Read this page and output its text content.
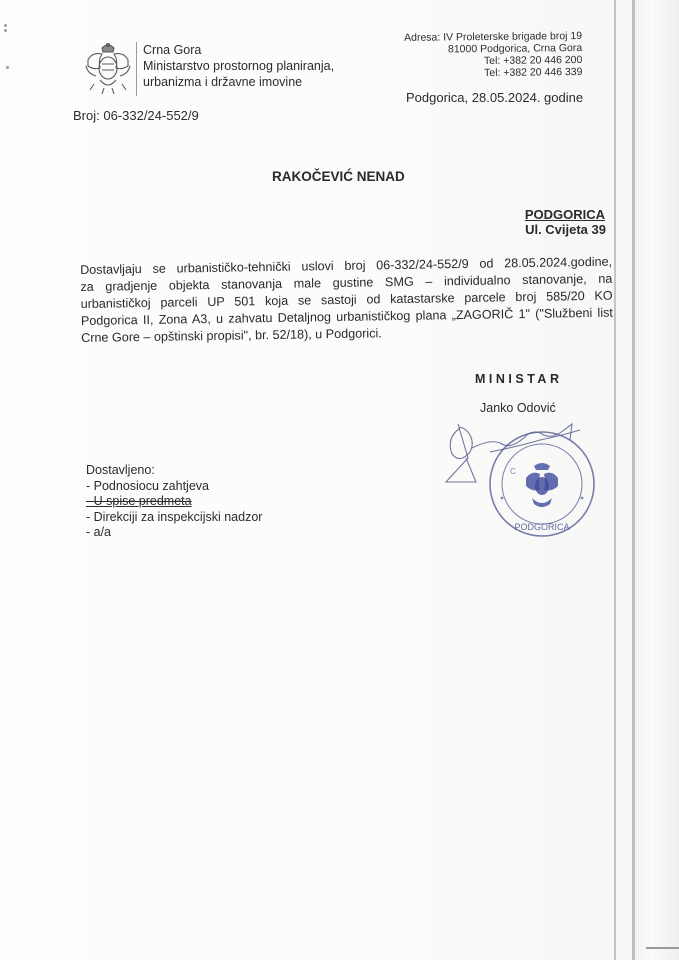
Crna Gora
Ministarstvo prostornog planiranja,
urbanizma i državne imovine
Broj: 06-332/24-552/9
Adresa: IV Proleterske brigade broj 19
81000 Podgorica, Crna Gora
Tel: +382 20 446 200
Tel: +382 20 446 339
Podgorica, 28.05.2024. godine
RAKOČEVIĆ NENAD
PODGORICA
Ul. Cvijeta 39
Dostavljaju se urbanističko-tehnički uslovi broj 06-332/24-552/9 od 28.05.2024.godine,
za gradjenje objekta stanovanja male gustine SMG – individualno stanovanje, na
urbanističkoj parceli UP 501 koja se sastoji od katastarske parcele broj 585/20 KO
Podgorica II, Zona A3, u zahvatu Detaljnog urbanističkog plana „ZAGORIČ 1" ("Službeni list
Crne Gore – opštinski propisi", br. 52/18), u Podgorici.
MINISTAR
Janko Odović
PODGORICA
C
Dostavljeno:
- Podnosiocu zahtjeva
- U spise predmeta
- Direkciji za inspekcijski nadzor
- a/a
